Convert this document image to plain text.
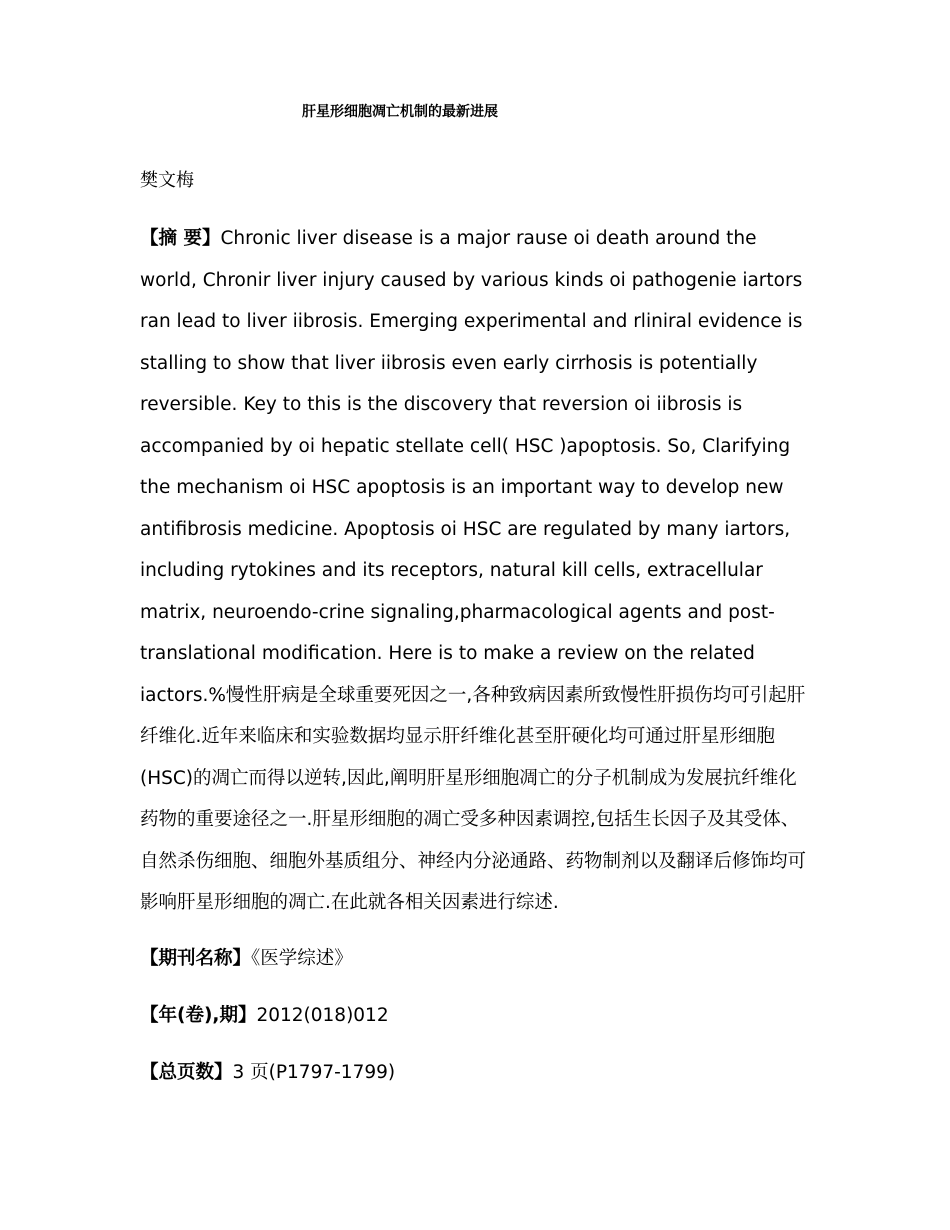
肝星形细胞凋亡机制的最新进展
樊文梅
【摘 要】Chronic liver disease is a major rause oi death around the world, Chronir liver injury caused by various kinds oi pathogenie iartors ran lead to liver iibrosis. Emerging experimental and rliniral evidence is stalling to show that liver iibrosis even early cirrhosis is potentially reversible. Key to this is the discovery that reversion oi iibrosis is accompanied by oi hepatic stellate cell( HSC )apoptosis. So, Clarifying the mechanism oi HSC apoptosis is an important way to develop new antifibrosis medicine. Apoptosis oi HSC are regulated by many iartors, including rytokines and its receptors, natural kill cells, extracellular matrix, neuroendo-crine signaling,pharmacological agents and post-translational modification. Here is to make a review on the related iactors.%慢性肝病是全球重要死因之一,各种致病因素所致慢性肝损伤均可引起肝纤维化.近年来临床和实验数据均显示肝纤维化甚至肝硬化均可通过肝星形细胞(HSC)的凋亡而得以逆转,因此,阐明肝星形细胞凋亡的分子机制成为发展抗纤维化药物的重要途径之一.肝星形细胞的凋亡受多种因素调控,包括生长因子及其受体、自然杀伤细胞、细胞外基质组分、神经内分泌通路、药物制剂以及翻译后修饰均可影响肝星形细胞的凋亡.在此就各相关因素进行综述.
【期刊名称】《医学综述》
【年(卷),期】2012(018)012
【总页数】3 页(P1797-1799)
